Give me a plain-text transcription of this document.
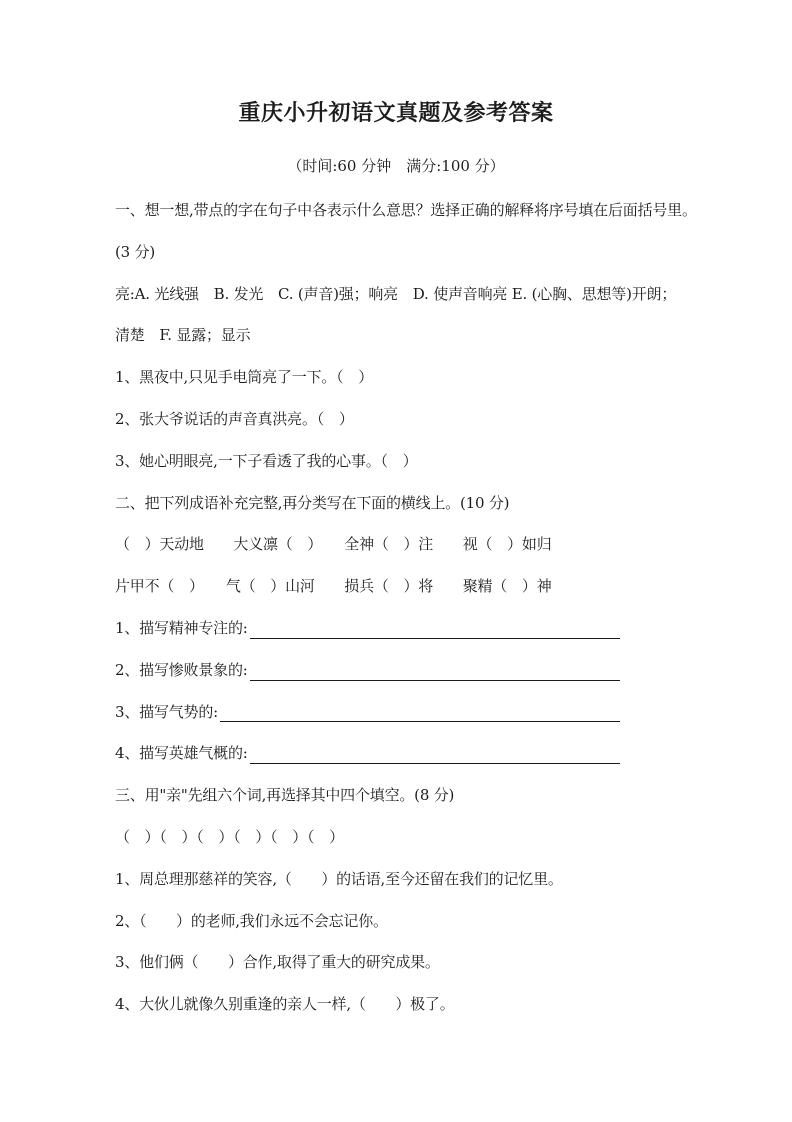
重庆小升初语文真题及参考答案
（时间:60 分钟　满分:100 分）
一、想一想,带点的字在句子中各表示什么意思？选择正确的解释将序号填在后面括号里。
(3 分)
亮:A. 光线强　B. 发光　C. (声音)强；响亮　D. 使声音响亮 E. (心胸、思想等)开朗；
清楚　F. 显露；显示
1、黑夜中,只见手电筒亮了一下。（　）
2、张大爷说话的声音真洪亮。（　）
3、她心明眼亮,一下子看透了我的心事。（　）
二、把下列成语补充完整,再分类写在下面的横线上。(10 分)
（　）天动地　　大义凛（　）　　全神（　）注　　视（　）如归
片甲不（　）　　气（　）山河　　损兵（　）将　　聚精（　）神
1、描写精神专注的:
2、描写惨败景象的:
3、描写气势的:
4、描写英雄气概的:
三、用"亲"先组六个词,再选择其中四个填空。(8 分)
（　）（　）（　）（　）（　）（　）
1、周总理那慈祥的笑容,（　　）的话语,至今还留在我们的记忆里。
2、（　　）的老师,我们永远不会忘记你。
3、他们俩（　　）合作,取得了重大的研究成果。
4、大伙儿就像久别重逢的亲人一样,（　　）极了。
